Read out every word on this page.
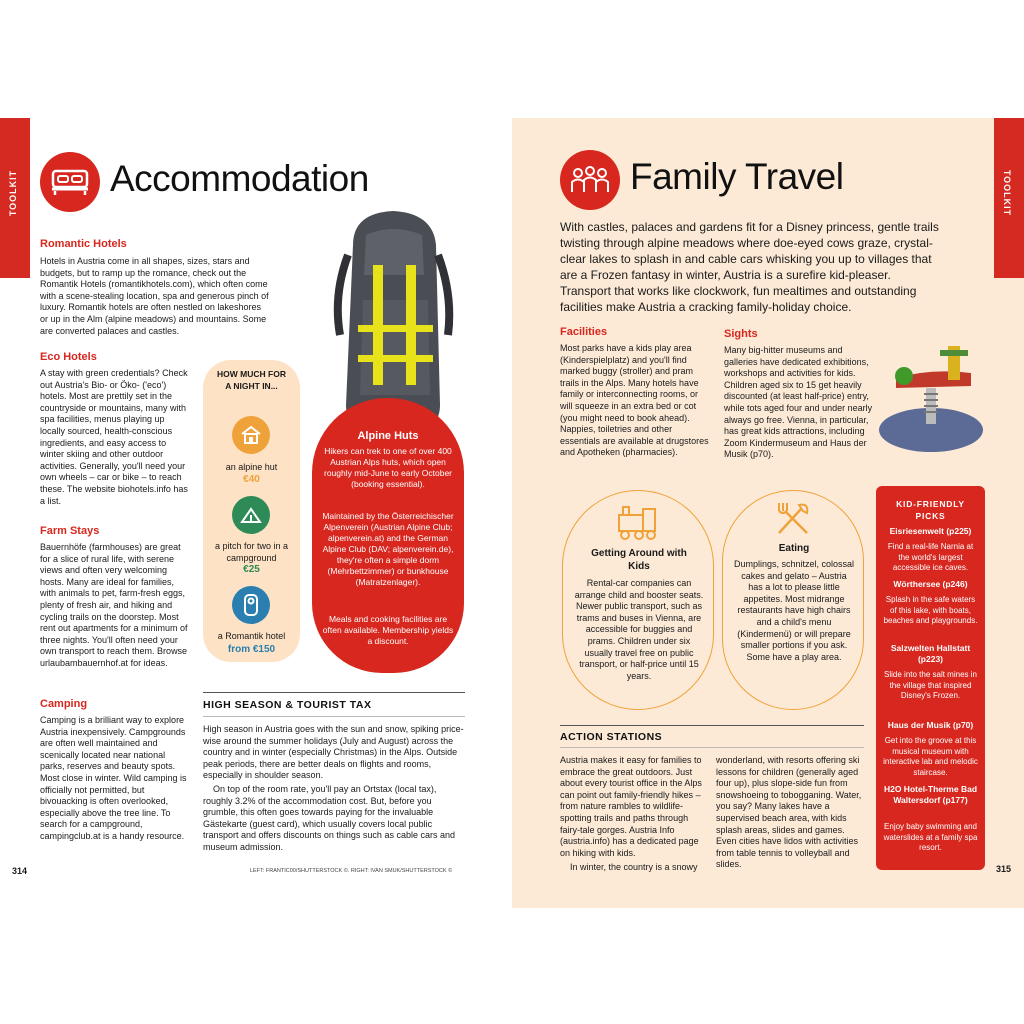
TOOLKIT Accommodation
Romantic Hotels
Hotels in Austria come in all shapes, sizes, stars and budgets, but to ramp up the romance, check out the Romantik Hotels (romantikhotels.com), which often come with a scene-stealing location, spa and generous pinch of luxury. Romantik hotels are often nestled on lakeshores or up in the Alm (alpine meadows) and mountains. Some are converted palaces and castles.
Eco Hotels
A stay with green credentials? Check out Austria's Bio- or Öko- ('eco') hotels. Most are prettily set in the countryside or mountains, many with spa facilities, menus playing up locally sourced, health-conscious ingredients, and easy access to winter skiing and other outdoor activities. Generally, you'll need your own wheels – car or bike – to reach these. The website biohotels.info has a list.
Farm Stays
Bauernhöfe (farmhouses) are great for a slice of rural life, with serene views and often very welcoming hosts. Many are ideal for families, with animals to pet, farm-fresh eggs, plenty of fresh air, and hiking and cycling trails on the doorstep. Most rent out apartments for a minimum of three nights. You'll often need your own transport to reach them. Browse urlaubambauernhof.at for ideas.
Camping
Camping is a brilliant way to explore Austria inexpensively. Campgrounds are often well maintained and scenically located near national parks, reserves and beauty spots. Most close in winter. Wild camping is officially not permitted, but bivouacking is often overlooked, especially above the tree line. To search for a campground, campingclub.at is a handy resource.
HOW MUCH FOR A NIGHT IN...
an alpine hut
€40
a pitch for two in a campground
€25
a Romantik hotel
from €150
Alpine Huts
Hikers can trek to one of over 400 Austrian Alps huts, which open roughly mid-June to early October (booking essential).
Maintained by the Österreichischer Alpenverein (Austrian Alpine Club; alpenverein.at) and the German Alpine Club (DAV; alpenverein.de), they're often a simple dorm (Mehrbettzimmer) or bunkhouse (Matratzenlager).
Meals and cooking facilities are often available. Membership yields a discount.
HIGH SEASON & TOURIST TAX
High season in Austria goes with the sun and snow, spiking price-wise around the summer holidays (July and August) across the country and in winter (especially Christmas) in the Alps. Outside peak periods, there are better deals on flights and rooms, especially in shoulder season.
On top of the room rate, you'll pay an Ortstax (local tax), roughly 3.2% of the accommodation cost. But, before you grumble, this often goes towards paying for the invaluable Gästekarte (guest card), which usually covers local public transport and offers discounts on things such as cable cars and museum admission.
314	LEFT: FRANTIC00/SHUTTERSTOCK ©. RIGHT: IVAN SMUK/SHUTTERSTOCK ©
TOOLKIT
Family Travel
With castles, palaces and gardens fit for a Disney princess, gentle trails twisting through alpine meadows where doe-eyed cows graze, crystal-clear lakes to splash in and cable cars whisking you up to villages that are a Frozen fantasy in winter, Austria is a surefire kid-pleaser. Transport that works like clockwork, fun mealtimes and outstanding facilities make Austria a cracking family-holiday choice.
Facilities
Most parks have a kids play area (Kinderspielplatz) and you'll find marked buggy (stroller) and pram trails in the Alps. Many hotels have family or interconnecting rooms, or will squeeze in an extra bed or cot (you might need to book ahead). Nappies, toiletries and other essentials are available at drugstores and Apotheken (pharmacies).
Sights
Many big-hitter museums and galleries have dedicated exhibitions, workshops and activities for kids. Children aged six to 15 get heavily discounted (at least half-price) entry, while tots aged four and under nearly always go free. Vienna, in particular, has great kids attractions, including Zoom Kindermuseum and Haus der Musik (p70).
Getting Around with Kids
Rental-car companies can arrange child and booster seats. Newer public transport, such as trams and buses in Vienna, are accessible for buggies and prams. Children under six usually travel free on public transport, or half-price until 15 years.
Eating
Dumplings, schnitzel, colossal cakes and gelato – Austria has a lot to please little appetites. Most midrange restaurants have high chairs and a child's menu (Kindermenü) or will prepare smaller portions if you ask. Some have a play area.
ACTION STATIONS
Austria makes it easy for families to embrace the great outdoors. Just about every tourist office in the Alps can point out family-friendly hikes – from nature rambles to wildlife-spotting trails and paths through fairy-tale gorges. Austria Info (austria.info) has a dedicated page on hiking with kids.
In winter, the country is a snowy
wonderland, with resorts offering ski lessons for children (generally aged four up), plus slope-side fun from snowshoeing to tobogganing. Water, you say? Many lakes have a supervised beach area, with kids splash areas, slides and games. Even cities have lidos with activities from table tennis to volleyball and slides.
KID-FRIENDLY PICKS
Eisriesenwelt (p225)
Find a real-life Narnia at the world's largest accessible ice caves.
Wörthersee (p246)
Splash in the safe waters of this lake, with boats, beaches and playgrounds.
Salzwelten Hallstatt (p223)
Slide into the salt mines in the village that inspired Disney's Frozen.
Haus der Musik (p70)
Get into the groove at this musical museum with interactive lab and melodic staircase.
H2O Hotel-Therme Bad Waltersdorf (p177)
Enjoy baby swimming and waterslides at a family spa resort.
315
